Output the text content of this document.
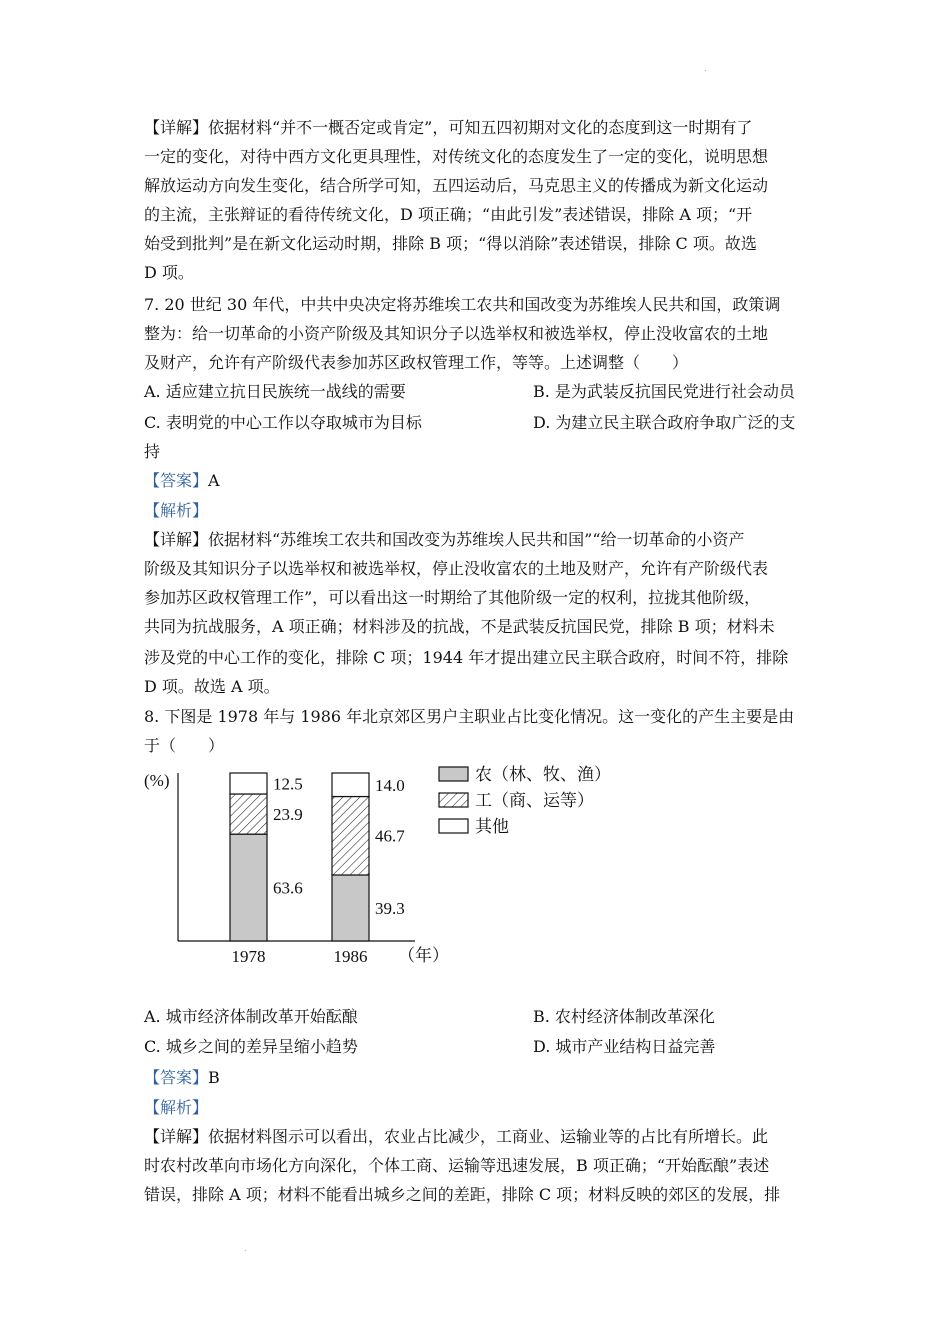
.
【详解】依据材料“并不一概否定或肯定”，可知五四初期对文化的态度到这一时期有了
一定的变化，对待中西方文化更具理性，对传统文化的态度发生了一定的变化，说明思想
解放运动方向发生变化，结合所学可知，五四运动后，马克思主义的传播成为新文化运动
的主流，主张辩证的看待传统文化，D 项正确；“由此引发”表述错误，排除 A 项；“开
始受到批判”是在新文化运动时期，排除 B 项；“得以消除”表述错误，排除 C 项。故选
D 项。
7. 20 世纪 30 年代，中共中央决定将苏维埃工农共和国改变为苏维埃人民共和国，政策调
整为：给一切革命的小资产阶级及其知识分子以选举权和被选举权，停止没收富农的土地
及财产，允许有产阶级代表参加苏区政权管理工作，等等。上述调整（　　）
A. 适应建立抗日民族统一战线的需要	B. 是为武装反抗国民党进行社会动员
C. 表明党的中心工作以夺取城市为目标	D. 为建立民主联合政府争取广泛的支
持
【答案】A
【解析】
【详解】依据材料“苏维埃工农共和国改变为苏维埃人民共和国”“给一切革命的小资产
阶级及其知识分子以选举权和被选举权，停止没收富农的土地及财产，允许有产阶级代表
参加苏区政权管理工作”，可以看出这一时期给了其他阶级一定的权利，拉拢其他阶级，
共同为抗战服务，A 项正确；材料涉及的抗战，不是武装反抗国民党，排除 B 项；材料未
涉及党的中心工作的变化，排除 C 项；1944 年才提出建立民主联合政府，时间不符，排除
D 项。故选 A 项。
8. 下图是 1978 年与 1986 年北京郊区男户主职业占比变化情况。这一变化的产生主要是由
于（　　）
(%)
63.6
23.9
12.5
1978
39.3
46.7
14.0
1986 （年）
农（林、牧、渔）
工（商、运等）
其他
A. 城市经济体制改革开始酝酿	B. 农村经济体制改革深化
C. 城乡之间的差异呈缩小趋势	D. 城市产业结构日益完善
【答案】B
【解析】
【详解】依据材料图示可以看出，农业占比减少，工商业、运输业等的占比有所增长。此
时农村改革向市场化方向深化，个体工商、运输等迅速发展，B 项正确；“开始酝酿”表述
错误，排除 A 项；材料不能看出城乡之间的差距，排除 C 项；材料反映的郊区的发展，排
.
